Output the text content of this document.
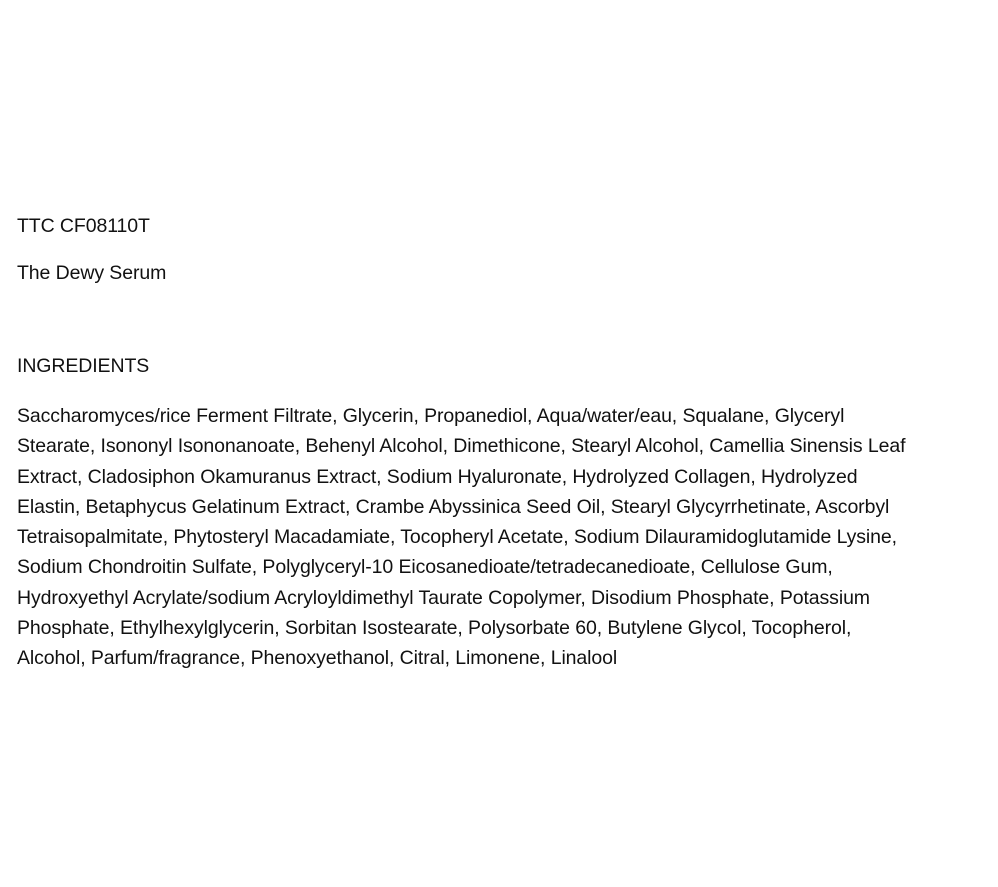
TTC CF08110T
The Dewy Serum
INGREDIENTS
Saccharomyces/rice Ferment Filtrate, Glycerin, Propanediol, Aqua/water/eau, Squalane, Glyceryl
Stearate, Isononyl Isononanoate, Behenyl Alcohol, Dimethicone, Stearyl Alcohol, Camellia Sinensis Leaf
Extract, Cladosiphon Okamuranus Extract, Sodium Hyaluronate, Hydrolyzed Collagen, Hydrolyzed
Elastin, Betaphycus Gelatinum Extract, Crambe Abyssinica Seed Oil, Stearyl Glycyrrhetinate, Ascorbyl
Tetraisopalmitate, Phytosteryl Macadamiate, Tocopheryl Acetate, Sodium Dilauramidoglutamide Lysine,
Sodium Chondroitin Sulfate, Polyglyceryl-10 Eicosanedioate/tetradecanedioate, Cellulose Gum,
Hydroxyethyl Acrylate/sodium Acryloyldimethyl Taurate Copolymer, Disodium Phosphate, Potassium
Phosphate, Ethylhexylglycerin, Sorbitan Isostearate, Polysorbate 60, Butylene Glycol, Tocopherol,
Alcohol, Parfum/fragrance, Phenoxyethanol, Citral, Limonene, Linalool
